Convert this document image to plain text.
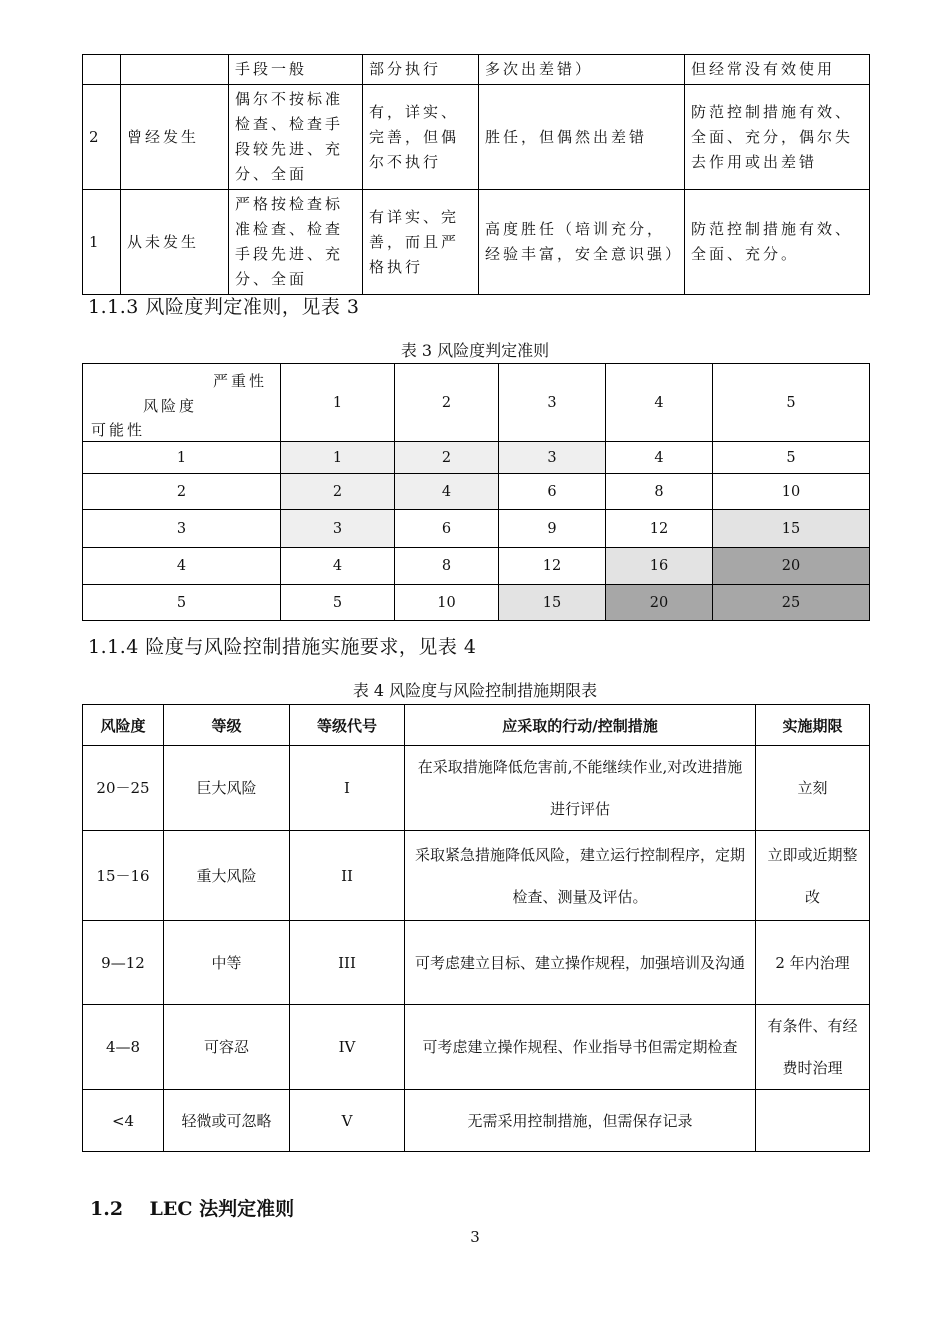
		手段一般	部分执行	多次出差错）	但经常没有效使用
2	曾经发生	偶尔不按标准检查、检查手段较先进、充分、全面	有，详实、完善，但偶尔不执行	胜任，但偶然出差错	防范控制措施有效、全面、充分，偶尔失去作用或出差错
1	从未发生	严格按检查标准检查、检查手段先进、充分、全面	有详实、完善，而且严格执行	高度胜任（培训充分，经验丰富，安全意识强）	防范控制措施有效、全面、充分。
1.1.3 风险度判定准则，见表 3
表 3 风险度判定准则
严重性
风险度
可能性	1	2	3	4	5
1	1	2	3	4	5
2	2	4	6	8	10
3	3	6	9	12	15
4	4	8	12	16	20
5	5	10	15	20	25
1.1.4 险度与风险控制措施实施要求，见表 4
表 4 风险度与风险控制措施期限表
风险度	等级	等级代号	应采取的行动/控制措施	实施期限
20－25	巨大风险	I	在采取措施降低危害前,不能继续作业,对改进措施进行评估	立刻
15－16	重大风险	II	采取紧急措施降低风险，建立运行控制程序，定期检查、测量及评估。	立即或近期整改
9—12	中等	III	可考虑建立目标、建立操作规程，加强培训及沟通	2 年内治理
4—8	可容忍	IV	可考虑建立操作规程、作业指导书但需定期检查	有条件、有经费时治理
<4	轻微或可忽略	V	无需采用控制措施，但需保存记录	
1.2    LEC 法判定准则
3
